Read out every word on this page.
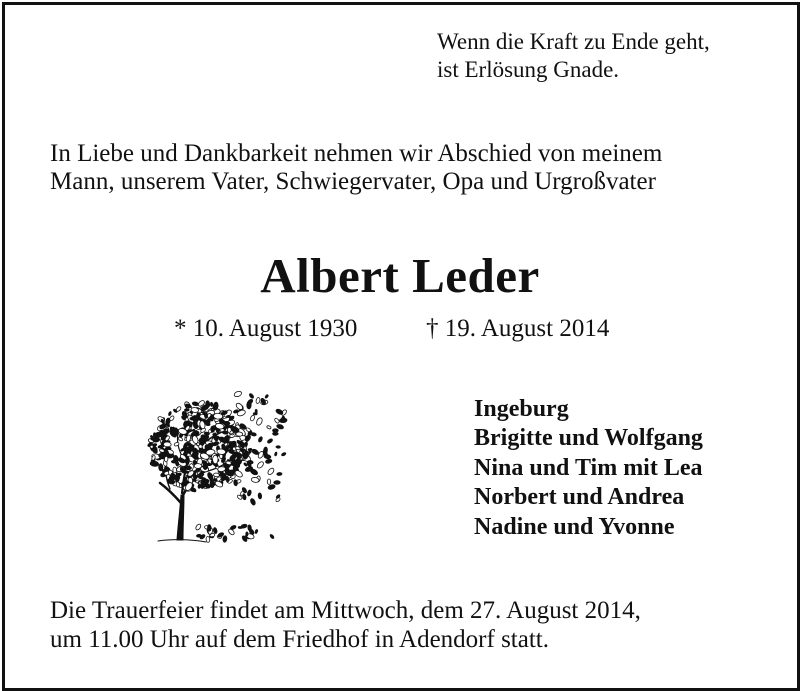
Wenn die Kraft zu Ende geht,
ist Erlösung Gnade.

In Liebe und Dankbarkeit nehmen wir Abschied von meinem
Mann, unserem Vater, Schwiegervater, Opa und Urgroßvater

Albert Leder

* 10. August 1930	† 19. August 2014

Ingeburg
Brigitte und Wolfgang
Nina und Tim mit Lea
Norbert und Andrea
Nadine und Yvonne

Die Trauerfeier findet am Mittwoch, dem 27. August 2014,
um 11.00 Uhr auf dem Friedhof in Adendorf statt.
